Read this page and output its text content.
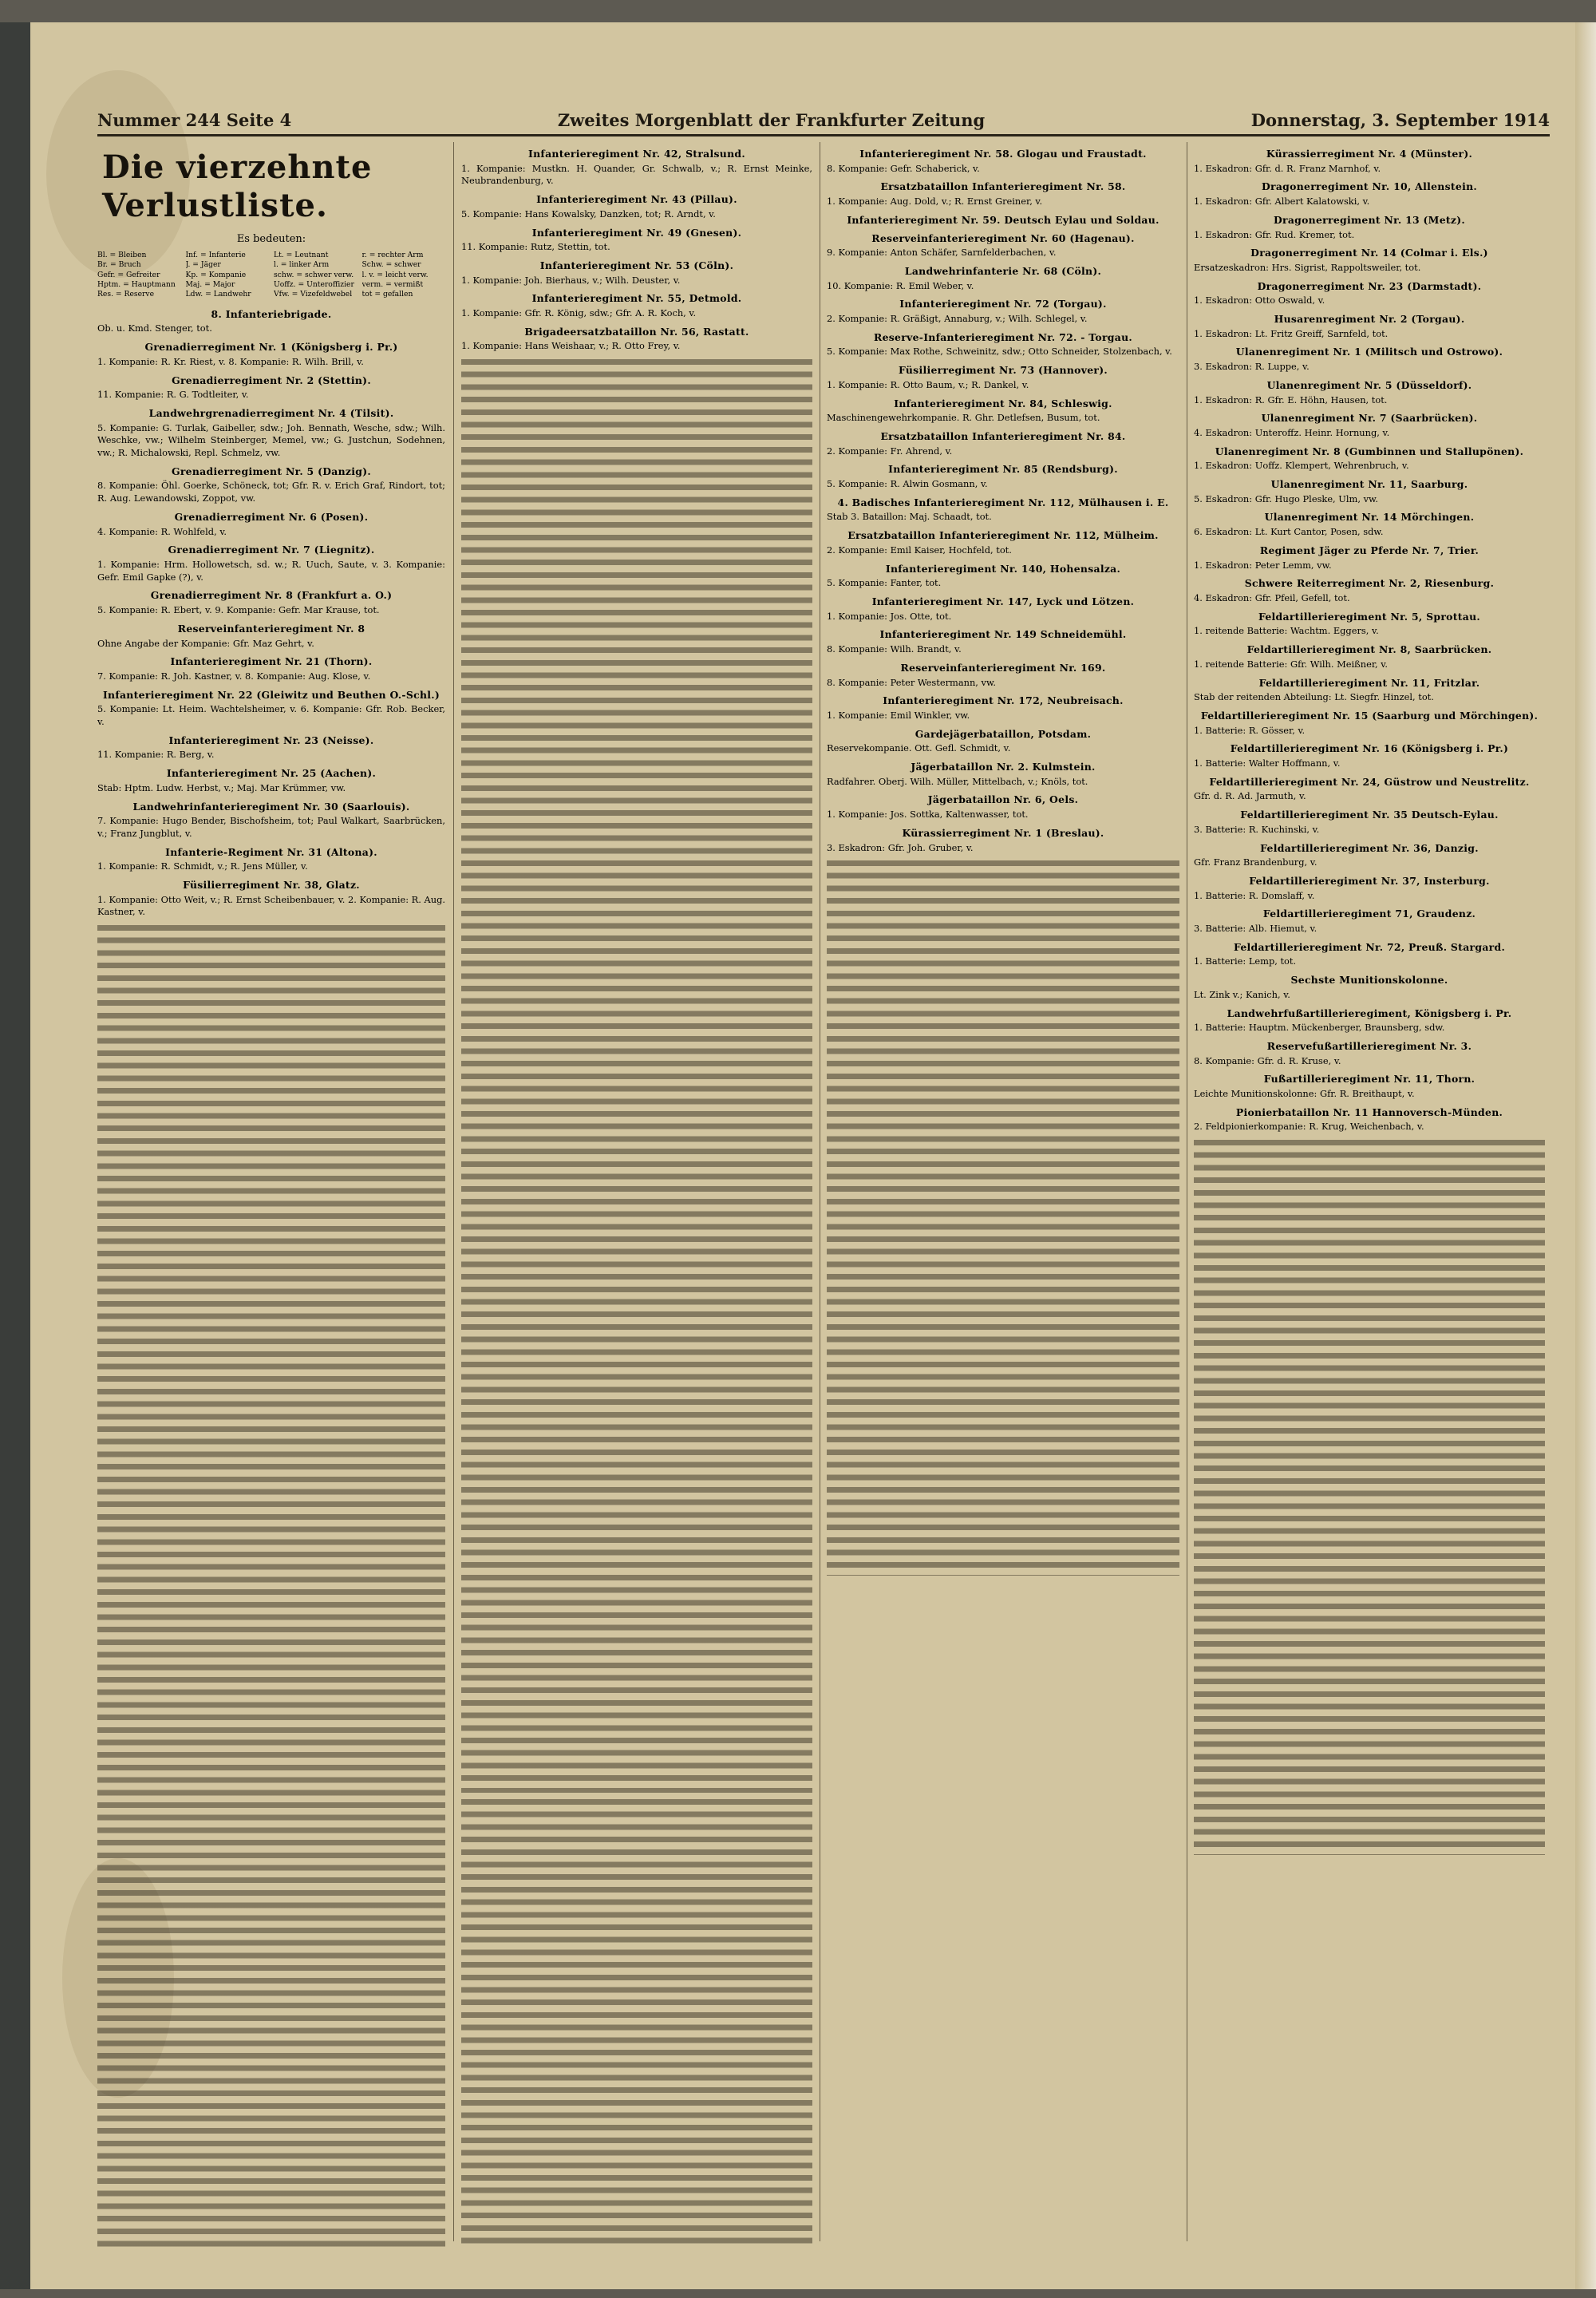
Nummer 244 Seite 4	Zweites Morgenblatt der Frankfurter Zeitung	Donnerstag, 3. September 1914
Die vierzehnte Verlustliste.
Es bedeuten:
Bl. = Bleiben	Inf. = Infanterie	Lt. = Leutnant	r. = rechter Arm
Br. = Bruch	J. = Jäger	l. = linker Arm	Schw. = schwer
Gefr. = Gefreiter	Kp. = Kompanie	schw. = schwer verw.	l. v. = leicht verw.
Hptm. = Hauptmann	Maj. = Major	Uoffz. = Unteroffizier	verm. = vermißt
Res. = Reserve	Ldw. = Landwehr	Vfw. = Vizefeldwebel	tot = gefallen
8. Infanteriebrigade.

Ob. u. Kmd. Stenger, tot.

Grenadierregiment Nr. 1 (Königsberg i. Pr.)

1. Kompanie: R. Kr. Riest, v. 8. Kompanie: R. Wilh. Brill, v.

Grenadierregiment Nr. 2 (Stettin).

11. Kompanie: R. G. Todtleiter, v.

Landwehrgrenadierregiment Nr. 4 (Tilsit).

5. Kompanie: G. Turlak, Gaibeller, sdw.; Joh. Bennath, Wesche, sdw.; Wilh. Weschke, vw.; Wilhelm Steinberger, Memel, vw.; G. Justchun, Sodehnen, vw.; R. Michalowski, Repl. Schmelz, vw.

Grenadierregiment Nr. 5 (Danzig).

8. Kompanie: Öhl. Goerke, Schöneck, tot; Gfr. R. v. Erich Graf, Rindort, tot; R. Aug. Lewandowski, Zoppot, vw.

Grenadierregiment Nr. 6 (Posen).

4. Kompanie: R. Wohlfeld, v.

Grenadierregiment Nr. 7 (Liegnitz).

1. Kompanie: Hrm. Hollowetsch, sd. w.; R. Uuch, Saute, v. 3. Kompanie: Gefr. Emil Gapke (?), v.

Grenadierregiment Nr. 8 (Frankfurt a. O.)

5. Kompanie: R. Ebert, v. 9. Kompanie: Gefr. Mar Krause, tot.

Reserveinfanterieregiment Nr. 8

Ohne Angabe der Kompanie: Gfr. Maz Gehrt, v.

Infanterieregiment Nr. 21 (Thorn).

7. Kompanie: R. Joh. Kastner, v. 8. Kompanie: Aug. Klose, v.

Infanterieregiment Nr. 22 (Gleiwitz und Beuthen O.-Schl.)

5. Kompanie: Lt. Heim. Wachtelsheimer, v. 6. Kompanie: Gfr. Rob. Becker, v.

Infanterieregiment Nr. 23 (Neisse).

11. Kompanie: R. Berg, v.

Infanterieregiment Nr. 25 (Aachen).

Stab: Hptm. Ludw. Herbst, v.; Maj. Mar Krümmer, vw.

Landwehrinfanterieregiment Nr. 30 (Saarlouis).

7. Kompanie: Hugo Bender, Bischofsheim, tot; Paul Walkart, Saarbrücken, v.; Franz Jungblut, v.

Infanterie-Regiment Nr. 31 (Altona).

1. Kompanie: R. Schmidt, v.; R. Jens Müller, v.

Füsilierregiment Nr. 38, Glatz.

1. Kompanie: Otto Weit, v.; R. Ernst Scheibenbauer, v. 2. Kompanie: R. Aug. Kastner, v.

Infanterieregiment Nr. 42, Stralsund.

1. Kompanie: Mustkn. H. Quander, Gr. Schwalb, v.; R. Ernst Meinke, Neubrandenburg, v.

Infanterieregiment Nr. 43 (Pillau).

5. Kompanie: Hans Kowalsky, Danzken, tot; R. Arndt, v.

Infanterieregiment Nr. 49 (Gnesen).

11. Kompanie: Rutz, Stettin, tot.

Infanterieregiment Nr. 53 (Cöln).

1. Kompanie: Joh. Bierhaus, v.; Wilh. Deuster, v.

Infanterieregiment Nr. 55, Detmold.

1. Kompanie: Gfr. R. König, sdw.; Gfr. A. R. Koch, v.

Brigadeersatzbataillon Nr. 56, Rastatt.

1. Kompanie: Hans Weishaar, v.; R. Otto Frey, v.

Infanterieregiment Nr. 58. Glogau und Fraustadt.

8. Kompanie: Gefr. Schaberick, v.

Ersatzbataillon Infanterieregiment Nr. 58.

1. Kompanie: Aug. Dold, v.; R. Ernst Greiner, v.

Infanterieregiment Nr. 59. Deutsch Eylau und Soldau.
Reserveinfanterieregiment Nr. 60 (Hagenau).

9. Kompanie: Anton Schäfer, Sarnfelderbachen, v.

Landwehrinfanterie Nr. 68 (Cöln).

10. Kompanie: R. Emil Weber, v.

Infanterieregiment Nr. 72 (Torgau).

2. Kompanie: R. Gräßigt, Annaburg, v.; Wilh. Schlegel, v.

Reserve-Infanterieregiment Nr. 72. - Torgau.

5. Kompanie: Max Rothe, Schweinitz, sdw.; Otto Schneider, Stolzenbach, v.

Füsilierregiment Nr. 73 (Hannover).

1. Kompanie: R. Otto Baum, v.; R. Dankel, v.

Infanterieregiment Nr. 84, Schleswig.

Maschinengewehrkompanie. R. Ghr. Detlefsen, Busum, tot.

Ersatzbataillon Infanterieregiment Nr. 84.

2. Kompanie: Fr. Ahrend, v.

Infanterieregiment Nr. 85 (Rendsburg).

5. Kompanie: R. Alwin Gosmann, v.

4. Badisches Infanterieregiment Nr. 112, Mülhausen i. E.

Stab 3. Bataillon: Maj. Schaadt, tot.

Ersatzbataillon Infanterieregiment Nr. 112, Mülheim.

2. Kompanie: Emil Kaiser, Hochfeld, tot.

Infanterieregiment Nr. 140, Hohensalza.

5. Kompanie: Fanter, tot.

Infanterieregiment Nr. 147, Lyck und Lötzen.

1. Kompanie: Jos. Otte, tot.

Infanterieregiment Nr. 149 Schneidemühl.

8. Kompanie: Wilh. Brandt, v.

Reserveinfanterieregiment Nr. 169.

8. Kompanie: Peter Westermann, vw.

Infanterieregiment Nr. 172, Neubreisach.

1. Kompanie: Emil Winkler, vw.

Gardejägerbataillon, Potsdam.

Reservekompanie. Ott. Gefl. Schmidt, v.

Jägerbataillon Nr. 2. Kulmstein.

Radfahrer. Oberj. Wilh. Müller, Mittelbach, v.; Knöls, tot.

Jägerbataillon Nr. 6, Oels.

1. Kompanie: Jos. Sottka, Kaltenwasser, tot.

Kürassierregiment Nr. 1 (Breslau).

3. Eskadron: Gfr. Joh. Gruber, v.

Kürassierregiment Nr. 4 (Münster).

1. Eskadron: Gfr. d. R. Franz Marnhof, v.

Dragonerregiment Nr. 10, Allenstein.

1. Eskadron: Gfr. Albert Kalatowski, v.

Dragonerregiment Nr. 13 (Metz).

1. Eskadron: Gfr. Rud. Kremer, tot.

Dragonerregiment Nr. 14 (Colmar i. Els.)

Ersatzeskadron: Hrs. Sigrist, Rappoltsweiler, tot.

Dragonerregiment Nr. 23 (Darmstadt).

1. Eskadron: Otto Oswald, v.

Husarenregiment Nr. 2 (Torgau).

1. Eskadron: Lt. Fritz Greiff, Sarnfeld, tot.

Ulanenregiment Nr. 1 (Militsch und Ostrowo).

3. Eskadron: R. Luppe, v.

Ulanenregiment Nr. 5 (Düsseldorf).

1. Eskadron: R. Gfr. E. Höhn, Hausen, tot.

Ulanenregiment Nr. 7 (Saarbrücken).

4. Eskadron: Unteroffz. Heinr. Hornung, v.

Ulanenregiment Nr. 8 (Gumbinnen und Stallupönen).

1. Eskadron: Uoffz. Klempert, Wehrenbruch, v.

Ulanenregiment Nr. 11, Saarburg.

5. Eskadron: Gfr. Hugo Pleske, Ulm, vw.

Ulanenregiment Nr. 14 Mörchingen.

6. Eskadron: Lt. Kurt Cantor, Posen, sdw.

Regiment Jäger zu Pferde Nr. 7, Trier.

1. Eskadron: Peter Lemm, vw.

Schwere Reiterregiment Nr. 2, Riesenburg.

4. Eskadron: Gfr. Pfeil, Gefell, tot.

Feldartillerieregiment Nr. 5, Sprottau.

1. reitende Batterie: Wachtm. Eggers, v.

Feldartillerieregiment Nr. 8, Saarbrücken.

1. reitende Batterie: Gfr. Wilh. Meißner, v.

Feldartillerieregiment Nr. 11, Fritzlar.

Stab der reitenden Abteilung: Lt. Siegfr. Hinzel, tot.

Feldartillerieregiment Nr. 15 (Saarburg und Mörchingen).

1. Batterie: R. Gösser, v.

Feldartillerieregiment Nr. 16 (Königsberg i. Pr.)

1. Batterie: Walter Hoffmann, v.

Feldartillerieregiment Nr. 24, Güstrow und Neustrelitz.

Gfr. d. R. Ad. Jarmuth, v.

Feldartillerieregiment Nr. 35 Deutsch-Eylau.

3. Batterie: R. Kuchinski, v.

Feldartillerieregiment Nr. 36, Danzig.

Gfr. Franz Brandenburg, v.

Feldartillerieregiment Nr. 37, Insterburg.

1. Batterie: R. Domslaff, v.

Feldartillerieregiment 71, Graudenz.

3. Batterie: Alb. Hiemut, v.

Feldartillerieregiment Nr. 72, Preuß. Stargard.

1. Batterie: Lemp, tot.

Sechste Munitionskolonne.

Lt. Zink v.; Kanich, v.

Landwehrfußartillerieregiment, Königsberg i. Pr.

1. Batterie: Hauptm. Mückenberger, Braunsberg, sdw.

Reservefußartillerieregiment Nr. 3.

8. Kompanie: Gfr. d. R. Kruse, v.

Fußartillerieregiment Nr. 11, Thorn.

Leichte Munitionskolonne: Gfr. R. Breithaupt, v.

Pionierbataillon Nr. 11 Hannoversch-Münden.

2. Feldpionierkompanie: R. Krug, Weichenbach, v.
